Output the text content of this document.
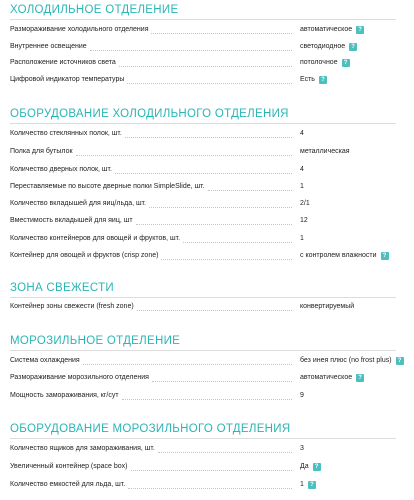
ХОЛОДИЛЬНОЕ ОТДЕЛЕНИЕ
Размораживание холодильного отделения	автоматическое ?
Внутреннее освещение	светодиодное ?
Расположение источников света	потолочное ?
Цифровой индикатор температуры	Есть ?
ОБОРУДОВАНИЕ ХОЛОДИЛЬНОГО ОТДЕЛЕНИЯ
Количество стеклянных полок, шт.	4
Полка для бутылок	металлическая
Количество дверных полок, шт.	4
Переставляемые по высоте дверные полки SimpleSlide, шт.	1
Количество вкладышей для яиц/льда, шт.	2/1
Вместимость вкладышей для яиц, шт	12
Количество контейнеров для овощей и фруктов, шт.	1
Контейнер для овощей и фруктов (crisp zone)	с контролем влажности ?
ЗОНА СВЕЖЕСТИ
Контейнер зоны свежести (fresh zone)	конвертируемый
МОРОЗИЛЬНОЕ ОТДЕЛЕНИЕ
Система охлаждения	без инея плюс (no frost plus) ?
Размораживание морозильного отделения	автоматическое ?
Мощность замораживания, кг/сут	9
ОБОРУДОВАНИЕ МОРОЗИЛЬНОГО ОТДЕЛЕНИЯ
Количество ящиков для замораживания, шт.	3
Увеличенный контейнер (space box)	Да ?
Количество емкостей для льда, шт.	1 ?
